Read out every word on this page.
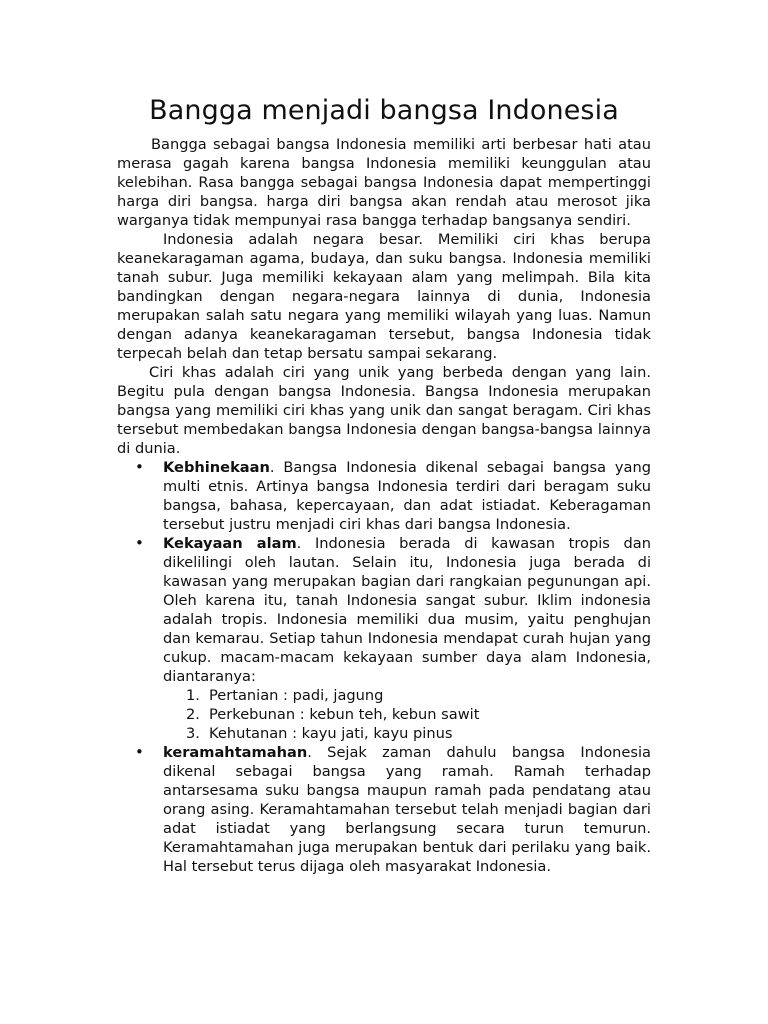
Bangga menjadi bangsa Indonesia

Bangga sebagai bangsa Indonesia memiliki arti berbesar hati atau merasa gagah karena bangsa Indonesia memiliki keunggulan atau kelebihan. Rasa bangga sebagai bangsa Indonesia dapat mempertinggi harga diri bangsa. harga diri bangsa akan rendah atau merosot jika warganya tidak mempunyai rasa bangga terhadap bangsanya sendiri.

Indonesia adalah negara besar. Memiliki ciri khas berupa keanekaragaman agama, budaya, dan suku bangsa. Indonesia memiliki tanah subur. Juga memiliki kekayaan alam yang melimpah. Bila kita bandingkan dengan negara-negara lainnya di dunia, Indonesia merupakan salah satu negara yang memiliki wilayah yang luas. Namun dengan adanya keanekaragaman tersebut, bangsa Indonesia tidak terpecah belah dan tetap bersatu sampai sekarang.

Ciri khas adalah ciri yang unik yang berbeda dengan yang lain. Begitu pula dengan bangsa Indonesia. Bangsa Indonesia merupakan bangsa yang memiliki ciri khas yang unik dan sangat beragam. Ciri khas tersebut membedakan bangsa Indonesia dengan bangsa-bangsa lainnya di dunia.

• Kebhinekaan. Bangsa Indonesia dikenal sebagai bangsa yang multi etnis. Artinya bangsa Indonesia terdiri dari beragam suku bangsa, bahasa, kepercayaan, dan adat istiadat. Keberagaman tersebut justru menjadi ciri khas dari bangsa Indonesia.
• Kekayaan alam. Indonesia berada di kawasan tropis dan dikelilingi oleh lautan. Selain itu, Indonesia juga berada di kawasan yang merupakan bagian dari rangkaian pegunungan api. Oleh karena itu, tanah Indonesia sangat subur. Iklim indonesia adalah tropis. Indonesia memiliki dua musim, yaitu penghujan dan kemarau. Setiap tahun Indonesia mendapat curah hujan yang cukup. macam-macam kekayaan sumber daya alam Indonesia, diantaranya:
1. Pertanian : padi, jagung
2. Perkebunan : kebun teh, kebun sawit
3. Kehutanan : kayu jati, kayu pinus
• keramahtamahan. Sejak zaman dahulu bangsa Indonesia dikenal sebagai bangsa yang ramah. Ramah terhadap antarsesama suku bangsa maupun ramah pada pendatang atau orang asing. Keramahtamahan tersebut telah menjadi bagian dari adat istiadat yang berlangsung secara turun temurun. Keramahtamahan juga merupakan bentuk dari perilaku yang baik. Hal tersebut terus dijaga oleh masyarakat Indonesia.
